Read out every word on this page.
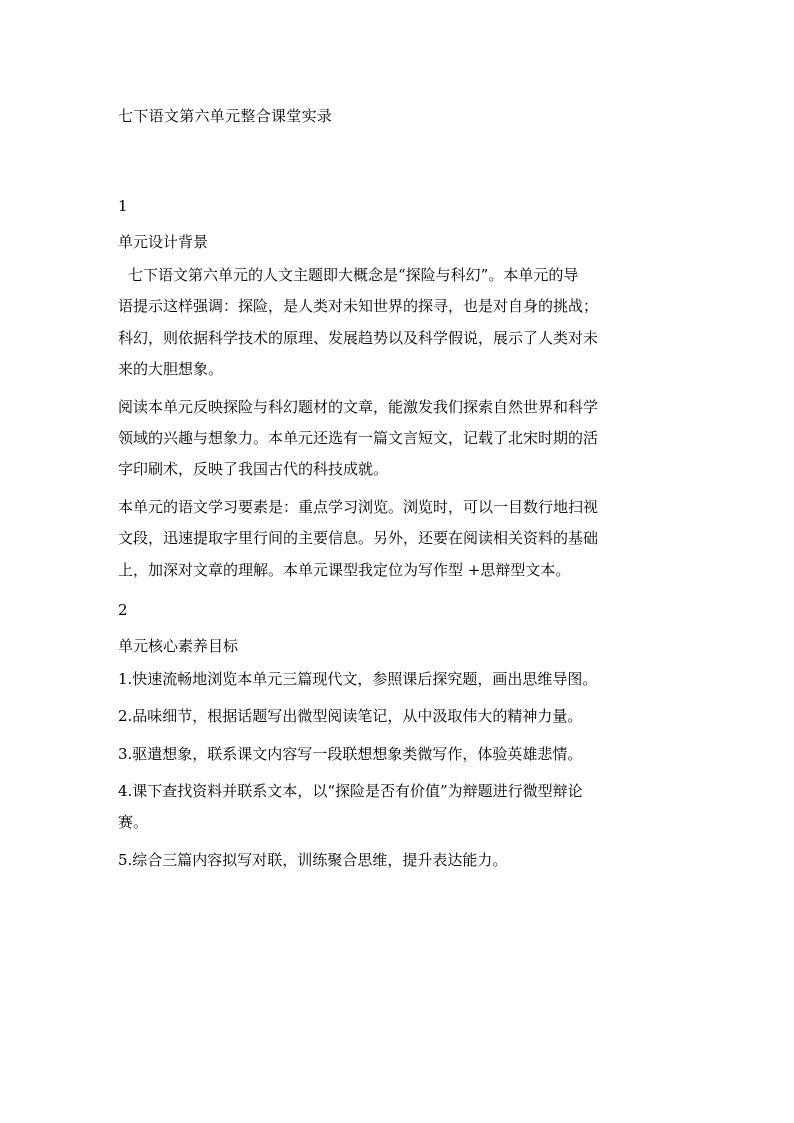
七下语文第六单元整合课堂实录

1

单元设计背景

七下语文第六单元的人文主题即大概念是“探险与科幻”。本单元的导
语提示这样强调：探险，是人类对未知世界的探寻，也是对自身的挑战；
科幻，则依据科学技术的原理、发展趋势以及科学假说，展示了人类对未
来的大胆想象。

阅读本单元反映探险与科幻题材的文章，能激发我们探索自然世界和科学
领域的兴趣与想象力。本单元还选有一篇文言短文，记载了北宋时期的活
字印刷术，反映了我国古代的科技成就。

本单元的语文学习要素是：重点学习浏览。浏览时，可以一目数行地扫视
文段，迅速提取字里行间的主要信息。另外，还要在阅读相关资料的基础
上，加深对文章的理解。本单元课型我定位为写作型 +思辩型文本。

2

单元核心素养目标

1.快速流畅地浏览本单元三篇现代文，参照课后探究题，画出思维导图。

2.品味细节，根据话题写出微型阅读笔记，从中汲取伟大的精神力量。

3.驱遣想象，联系课文内容写一段联想想象类微写作，体验英雄悲情。

4.课下查找资料并联系文本，以“探险是否有价值”为辩题进行微型辩论
赛。

5.综合三篇内容拟写对联，训练聚合思维，提升表达能力。
